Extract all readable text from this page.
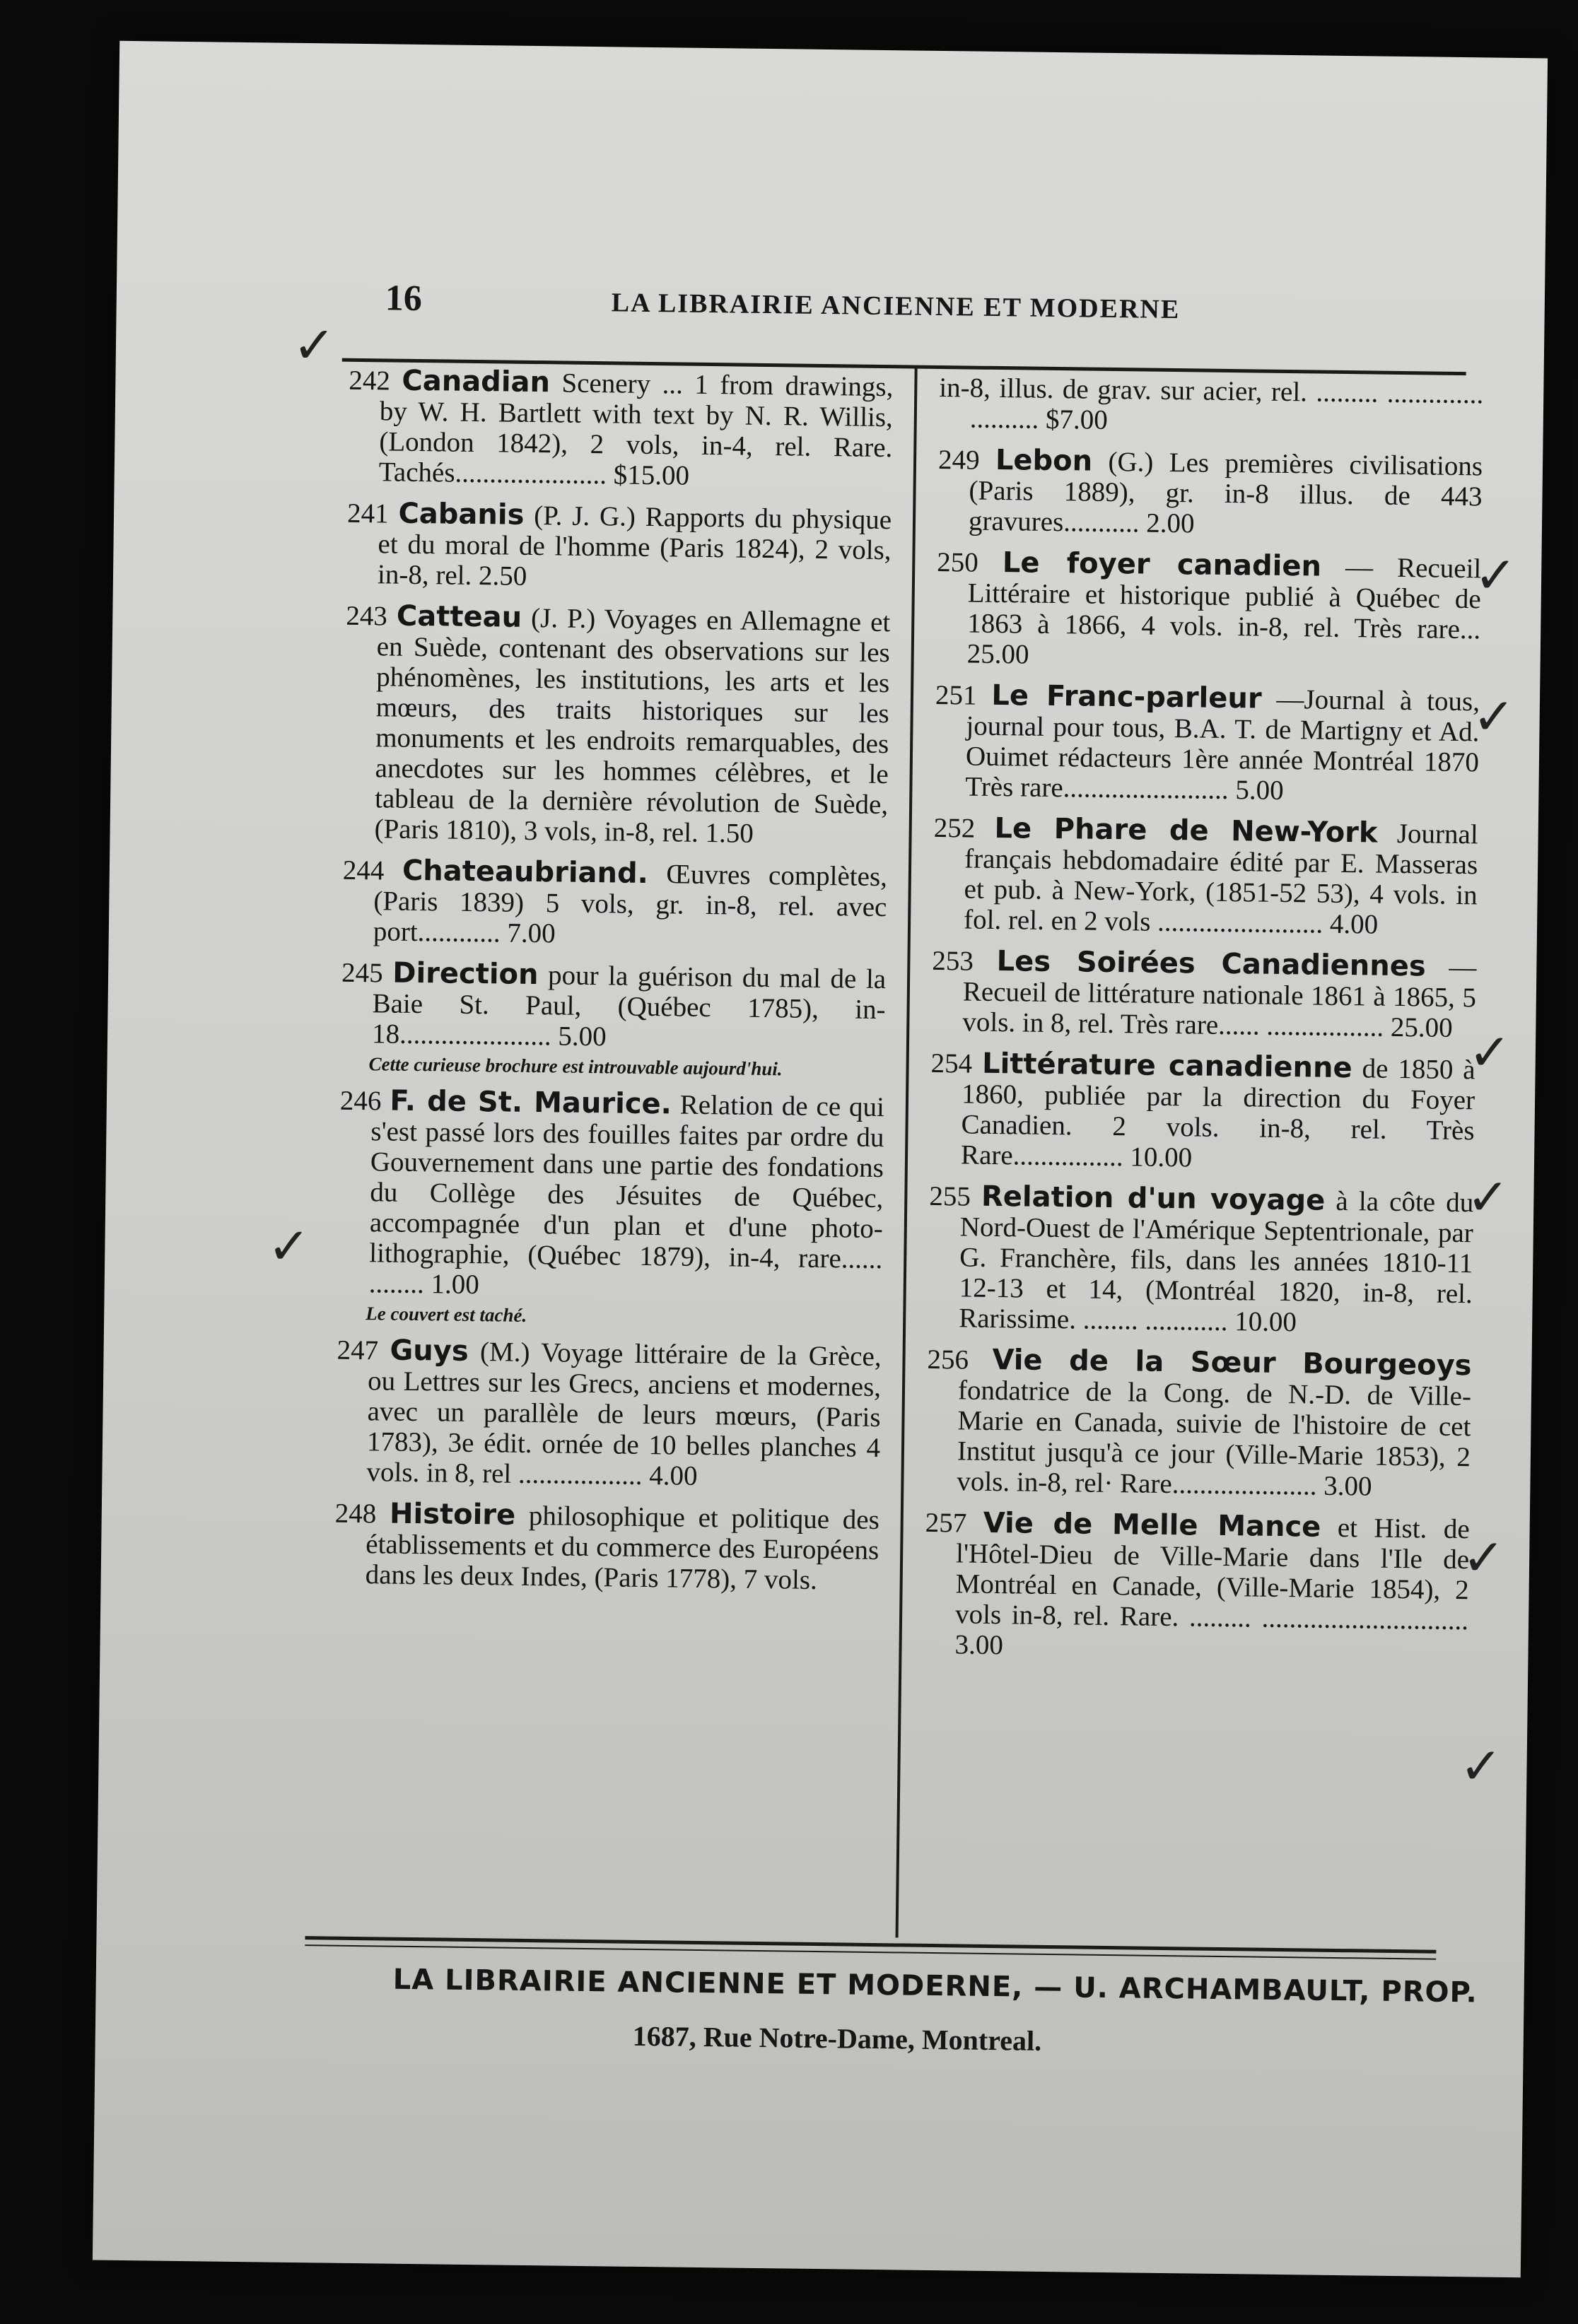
16	LA LIBRAIRIE ANCIENNE ET MODERNE
242 Canadian Scenery ... 1 from drawings, by W. H. Bartlett with text by N. R. Willis, (London 1842), 2 vols, in-4, rel. Rare. Tachés...................... $15.00
241 Cabanis (P. J. G.) Rapports du physique et du moral de l'homme (Paris 1824), 2 vols, in-8, rel. 2.50
243 Catteau (J. P.) Voyages en Allemagne et en Suède, contenant des observations sur les phénomènes, les institutions, les arts et les mœurs, des traits historiques sur les monuments et les endroits remarquables, des anecdotes sur les hommes célèbres, et le tableau de la dernière révolution de Suède, (Paris 1810), 3 vols, in-8, rel. 1.50
244 Chateaubriand. Œuvres complètes, (Paris 1839) 5 vols, gr. in-8, rel. avec port............ 7.00
245 Direction pour la guérison du mal de la Baie St. Paul, (Québec 1785), in-18...................... 5.00
Cette curieuse brochure est introuvable aujourd'hui.
246 F. de St. Maurice. Relation de ce qui s'est passé lors des fouilles faites par ordre du Gouvernement dans une partie des fondations du Collège des Jésuites de Québec, accompagnée d'un plan et d'une photo-lithographie, (Québec 1879), in-4, rare...... ........ 1.00
Le couvert est taché.
247 Guys (M.) Voyage littéraire de la Grèce, ou Lettres sur les Grecs, anciens et modernes, avec un parallèle de leurs mœurs, (Paris 1783), 3e édit. ornée de 10 belles planches 4 vols. in 8, rel .................. 4.00
248 Histoire philosophique et politique des établissements et du commerce des Européens dans les deux Indes, (Paris 1778), 7 vols.
in-8, illus. de grav. sur acier, rel. ......... .............. .......... $7.00
249 Lebon (G.) Les premières civilisations (Paris 1889), gr. in-8 illus. de 443 gravures........... 2.00
250 Le foyer canadien — Recueil Littéraire et historique publié à Québec de 1863 à 1866, 4 vols. in-8, rel. Très rare... 25.00
251 Le Franc-parleur —Journal à tous, journal pour tous, B.A. T. de Martigny et Ad. Ouimet rédacteurs 1ère année Montréal 1870 Très rare........................ 5.00
252 Le Phare de New-York Journal français hebdomadaire édité par E. Masseras et pub. à New-York, (1851-52 53), 4 vols. in fol. rel. en 2 vols ........................ 4.00
253 Les Soirées Canadiennes — Recueil de littérature nationale 1861 à 1865, 5 vols. in 8, rel. Très rare...... ................. 25.00
254 Littérature canadienne de 1850 à 1860, publiée par la direction du Foyer Canadien. 2 vols. in-8, rel. Très Rare................ 10.00
255 Relation d'un voyage à la côte du Nord-Ouest de l'Amérique Septentrionale, par G. Franchère, fils, dans les années 1810-11 12-13 et 14, (Montréal 1820, in-8, rel. Rarissime. ........ ............ 10.00
256 Vie de la Sœur Bourgeoys fondatrice de la Cong. de N.-D. de Ville-Marie en Canada, suivie de l'histoire de cet Institut jusqu'à ce jour (Ville-Marie 1853), 2 vols. in-8, rel· Rare..................... 3.00
257 Vie de Melle Mance et Hist. de l'Hôtel-Dieu de Ville-Marie dans l'Ile de Montréal en Canade, (Ville-Marie 1854), 2 vols in-8, rel. Rare. ......... .............................. 3.00
✓
✓
✓
✓
✓
✓
✓
✓
LA LIBRAIRIE ANCIENNE ET MODERNE, — U. ARCHAMBAULT, PROP.
1687, Rue Notre-Dame, Montreal.
